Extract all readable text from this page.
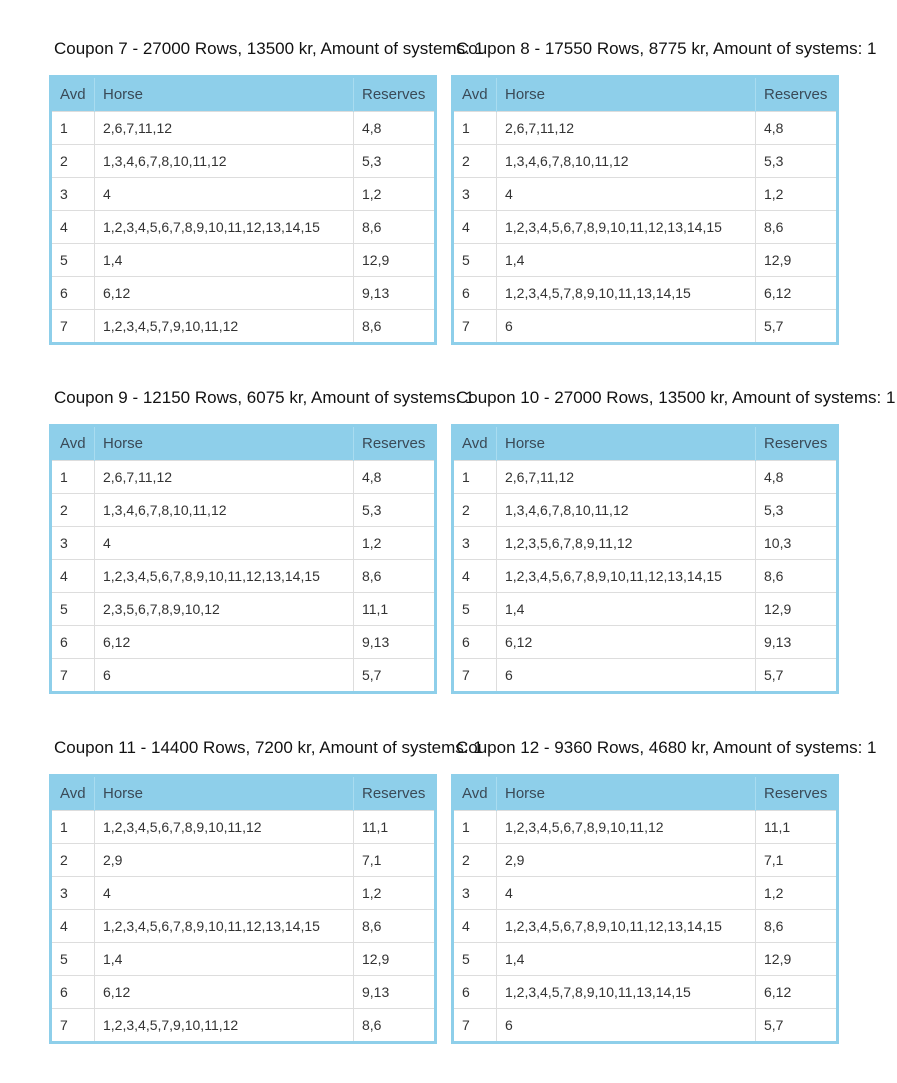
Coupon 7 - 27000 Rows, 13500 kr, Amount of systems: 1
Avd	Horse	Reserves
1	2,6,7,11,12	4,8
2	1,3,4,6,7,8,10,11,12	5,3
3	4	1,2
4	1,2,3,4,5,6,7,8,9,10,11,12,13,14,15	8,6
5	1,4	12,9
6	6,12	9,13
7	1,2,3,4,5,7,9,10,11,12	8,6
Coupon 8 - 17550 Rows, 8775 kr, Amount of systems: 1
Avd	Horse	Reserves
1	2,6,7,11,12	4,8
2	1,3,4,6,7,8,10,11,12	5,3
3	4	1,2
4	1,2,3,4,5,6,7,8,9,10,11,12,13,14,15	8,6
5	1,4	12,9
6	1,2,3,4,5,7,8,9,10,11,13,14,15	6,12
7	6	5,7
Coupon 9 - 12150 Rows, 6075 kr, Amount of systems: 1
Avd	Horse	Reserves
1	2,6,7,11,12	4,8
2	1,3,4,6,7,8,10,11,12	5,3
3	4	1,2
4	1,2,3,4,5,6,7,8,9,10,11,12,13,14,15	8,6
5	2,3,5,6,7,8,9,10,12	11,1
6	6,12	9,13
7	6	5,7
Coupon 10 - 27000 Rows, 13500 kr, Amount of systems: 1
Avd	Horse	Reserves
1	2,6,7,11,12	4,8
2	1,3,4,6,7,8,10,11,12	5,3
3	1,2,3,5,6,7,8,9,11,12	10,3
4	1,2,3,4,5,6,7,8,9,10,11,12,13,14,15	8,6
5	1,4	12,9
6	6,12	9,13
7	6	5,7
Coupon 11 - 14400 Rows, 7200 kr, Amount of systems: 1
Avd	Horse	Reserves
1	1,2,3,4,5,6,7,8,9,10,11,12	11,1
2	2,9	7,1
3	4	1,2
4	1,2,3,4,5,6,7,8,9,10,11,12,13,14,15	8,6
5	1,4	12,9
6	6,12	9,13
7	1,2,3,4,5,7,9,10,11,12	8,6
Coupon 12 - 9360 Rows, 4680 kr, Amount of systems: 1
Avd	Horse	Reserves
1	1,2,3,4,5,6,7,8,9,10,11,12	11,1
2	2,9	7,1
3	4	1,2
4	1,2,3,4,5,6,7,8,9,10,11,12,13,14,15	8,6
5	1,4	12,9
6	1,2,3,4,5,7,8,9,10,11,13,14,15	6,12
7	6	5,7
